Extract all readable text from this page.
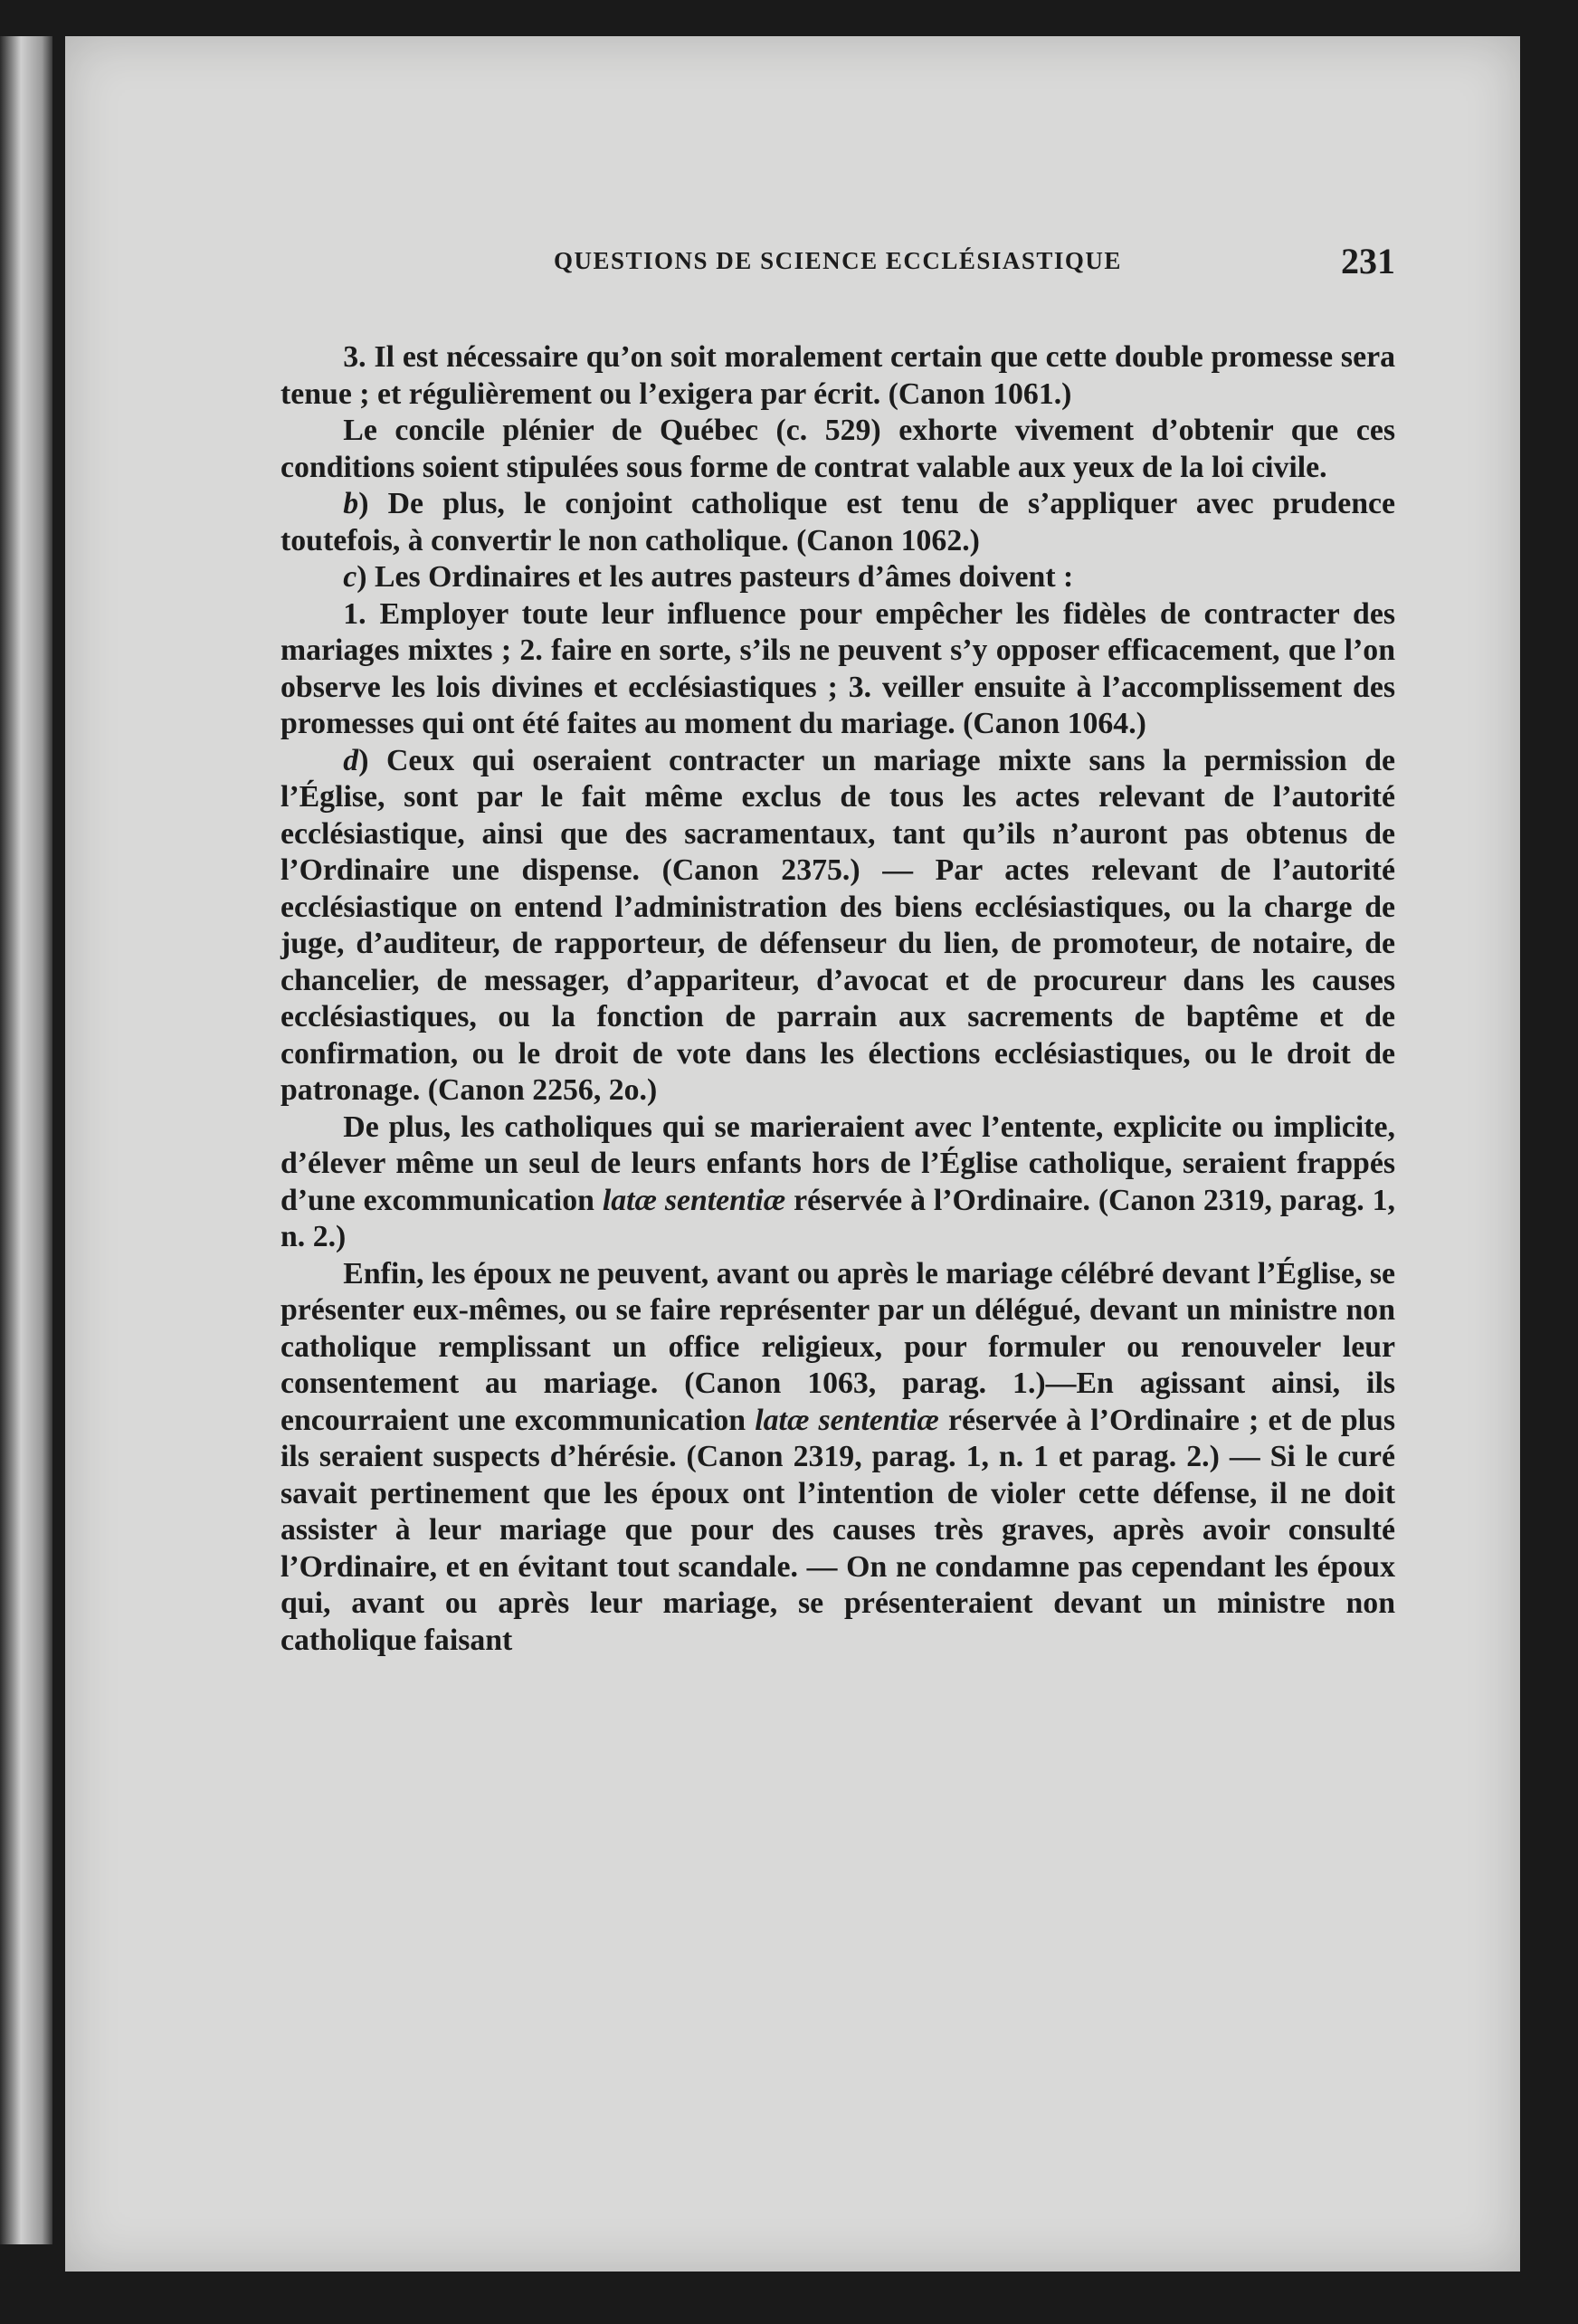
QUESTIONS DE SCIENCE ECCLÉSIASTIQUE	231

3. Il est nécessaire qu’on soit moralement certain que cette double promesse sera tenue ; et régulièrement ou l’exigera par écrit. (Canon 1061.)

Le concile plénier de Québec (c. 529) exhorte vivement d’obtenir que ces conditions soient stipulées sous forme de contrat valable aux yeux de la loi civile.

b) De plus, le conjoint catholique est tenu de s’appliquer avec prudence toutefois, à convertir le non catholique. (Canon 1062.)

c) Les Ordinaires et les autres pasteurs d’âmes doivent :

1. Employer toute leur influence pour empêcher les fidèles de contracter des mariages mixtes ; 2. faire en sorte, s’ils ne peuvent s’y opposer efficacement, que l’on observe les lois divines et ecclésiastiques ; 3. veiller ensuite à l’accomplissement des promesses qui ont été faites au moment du mariage. (Canon 1064.)

d) Ceux qui oseraient contracter un mariage mixte sans la permission de l’Église, sont par le fait même exclus de tous les actes relevant de l’autorité ecclésiastique, ainsi que des sacramentaux, tant qu’ils n’auront pas obtenus de l’Ordinaire une dispense. (Canon 2375.) — Par actes relevant de l’autorité ecclésiastique on entend l’administration des biens ecclésiastiques, ou la charge de juge, d’auditeur, de rapporteur, de défenseur du lien, de promoteur, de notaire, de chancelier, de messager, d’appariteur, d’avocat et de procureur dans les causes ecclésiastiques, ou la fonction de parrain aux sacrements de baptême et de confirmation, ou le droit de vote dans les élections ecclésiastiques, ou le droit de patronage. (Canon 2256, 2o.)

De plus, les catholiques qui se marieraient avec l’entente, explicite ou implicite, d’élever même un seul de leurs enfants hors de l’Église catholique, seraient frappés d’une excommunication latæ sententiæ réservée à l’Ordinaire. (Canon 2319, parag. 1, n. 2.)

Enfin, les époux ne peuvent, avant ou après le mariage célébré devant l’Église, se présenter eux-mêmes, ou se faire représenter par un délégué, devant un ministre non catholique remplissant un office religieux, pour formuler ou renouveler leur consentement au mariage. (Canon 1063, parag. 1.)—En agissant ainsi, ils encourraient une excommunication latæ sententiæ réservée à l’Ordinaire ; et de plus ils seraient suspects d’hérésie. (Canon 2319, parag. 1, n. 1 et parag. 2.) — Si le curé savait pertinement que les époux ont l’intention de violer cette défense, il ne doit assister à leur mariage que pour des causes très graves, après avoir consulté l’Ordinaire, et en évitant tout scandale. — On ne condamne pas cependant les époux qui, avant ou après leur mariage, se présenteraient devant un ministre non catholique faisant
